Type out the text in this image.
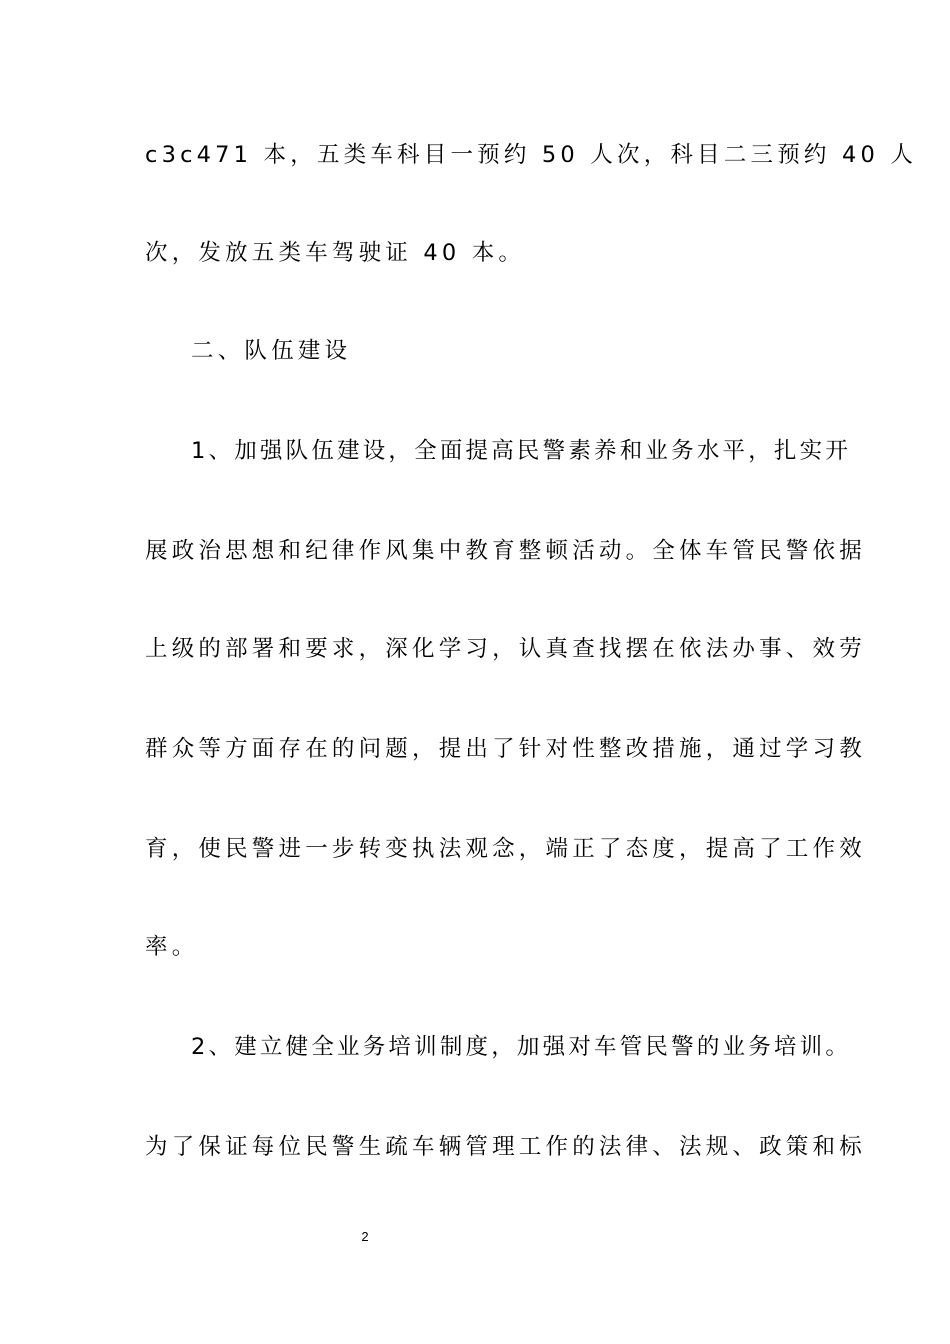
c3c471 本，五类车科目一预约 50 人次，科目二三预约 40 人
次，发放五类车驾驶证 40 本。
二、队伍建设
1、加强队伍建设，全面提高民警素养和业务水平，扎实开
展政治思想和纪律作风集中教育整顿活动。全体车管民警依据
上级的部署和要求，深化学习，认真查找摆在依法办事、效劳
群众等方面存在的问题，提出了针对性整改措施，通过学习教
育，使民警进一步转变执法观念，端正了态度，提高了工作效
率。
2、建立健全业务培训制度，加强对车管民警的业务培训。
为了保证每位民警生疏车辆管理工作的法律、法规、政策和标
2
